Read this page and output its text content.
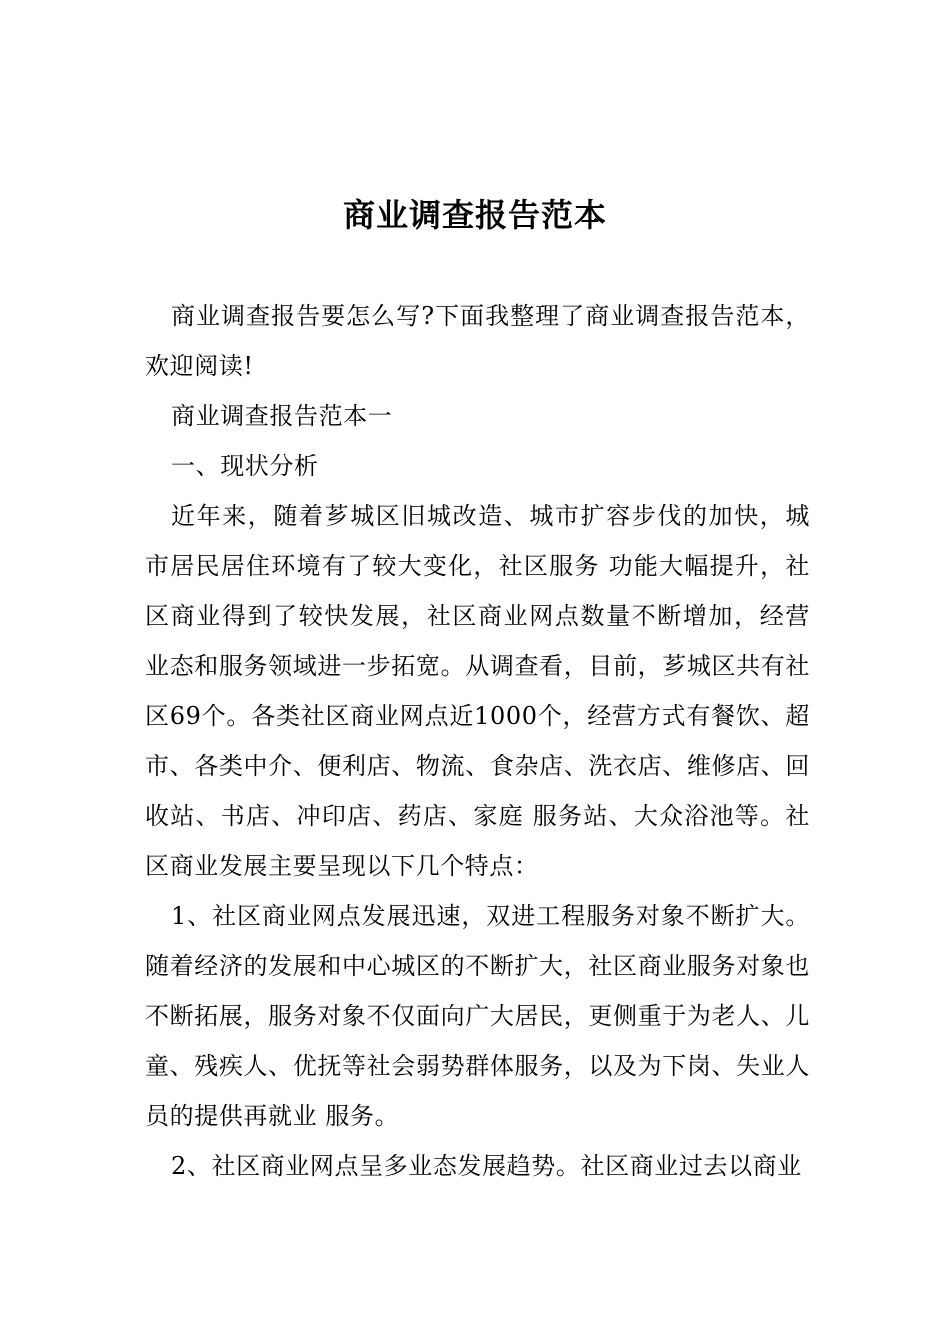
商业调查报告范本

商业调查报告要怎么写?下面我整理了商业调查报告范本，欢迎阅读!

商业调查报告范本一

一、现状分析

近年来，随着芗城区旧城改造、城市扩容步伐的加快，城市居民居住环境有了较大变化，社区服务 功能大幅提升，社区商业得到了较快发展，社区商业网点数量不断增加，经营 业态和服务领域进一步拓宽。从调查看，目前，芗城区共有社区69个。各类社区商业网点近1000个，经营方式有餐饮、超市、各类中介、便利店、物流、食杂店、洗衣店、维修店、回收站、书店、冲印店、药店、家庭 服务站、大众浴池等。社区商业发展主要呈现以下几个特点：

1、社区商业网点发展迅速，双进工程服务对象不断扩大。随着经济的发展和中心城区的不断扩大，社区商业服务对象也不断拓展，服务对象不仅面向广大居民，更侧重于为老人、儿童、残疾人、优抚等社会弱势群体服务，以及为下岗、失业人员的提供再就业 服务。

2、社区商业网点呈多业态发展趋势。社区商业过去以商业
